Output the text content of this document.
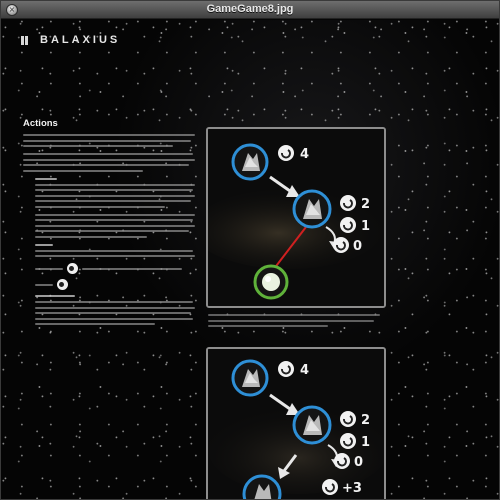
×	GameGame8.jpg
BALAXIUS
Actions
4
2
1
0
4
2
1
0
+3
